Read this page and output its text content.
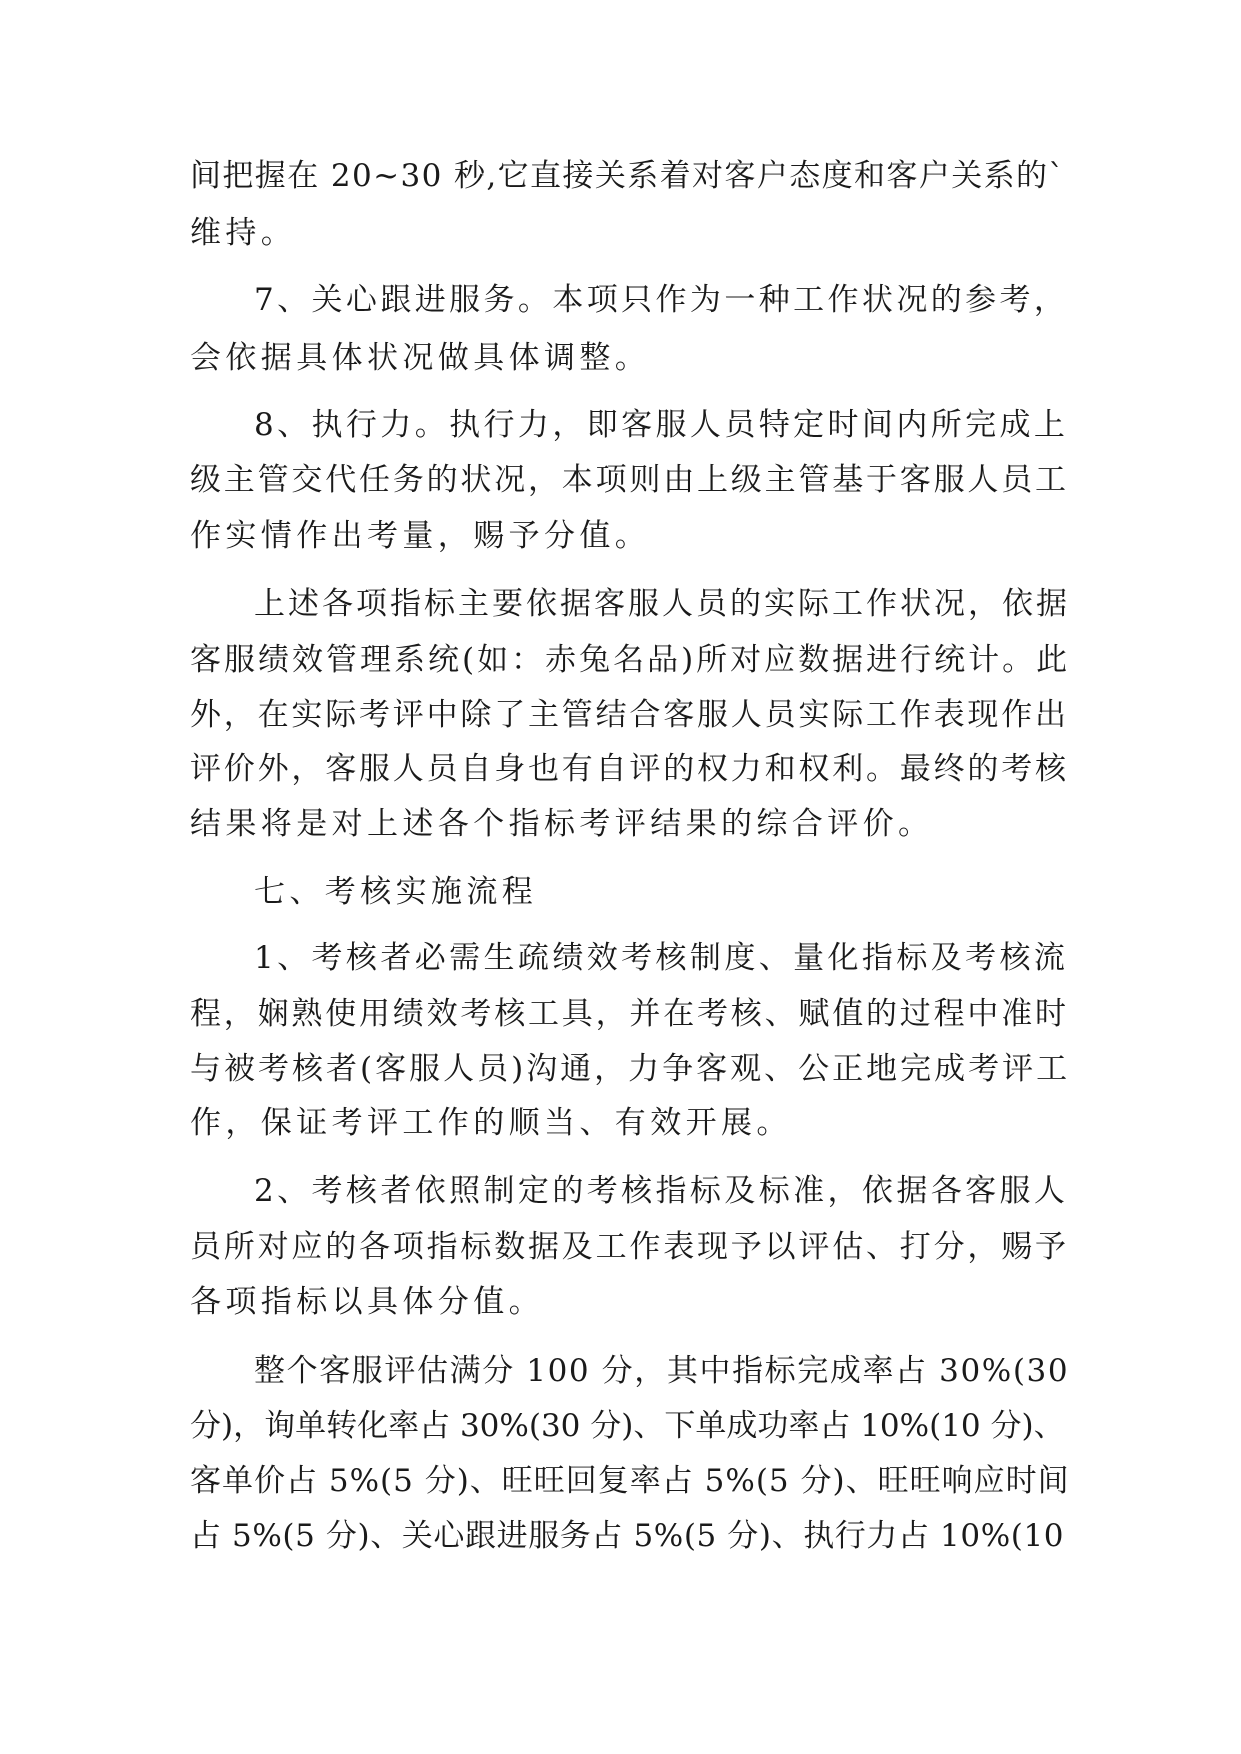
间把握在 20~30 秒,它直接关系着对客户态度和客户关系的`
维持。
7、关心跟进服务。本项只作为一种工作状况的参考，
会依据具体状况做具体调整。
8、执行力。执行力，即客服人员特定时间内所完成上
级主管交代任务的状况，本项则由上级主管基于客服人员工
作实情作出考量，赐予分值。
上述各项指标主要依据客服人员的实际工作状况，依据
客服绩效管理系统(如：赤兔名品)所对应数据进行统计。此
外，在实际考评中除了主管结合客服人员实际工作表现作出
评价外，客服人员自身也有自评的权力和权利。最终的考核
结果将是对上述各个指标考评结果的综合评价。
七、考核实施流程
1、考核者必需生疏绩效考核制度、量化指标及考核流
程，娴熟使用绩效考核工具，并在考核、赋值的过程中准时
与被考核者(客服人员)沟通，力争客观、公正地完成考评工
作，保证考评工作的顺当、有效开展。
2、考核者依照制定的考核指标及标准，依据各客服人
员所对应的各项指标数据及工作表现予以评估、打分，赐予
各项指标以具体分值。
整个客服评估满分 100 分，其中指标完成率占 30%(30
分)，询单转化率占 30%(30 分)、下单成功率占 10%(10 分)、
客单价占 5%(5 分)、旺旺回复率占 5%(5 分)、旺旺响应时间
占 5%(5 分)、关心跟进服务占 5%(5 分)、执行力占 10%(10
